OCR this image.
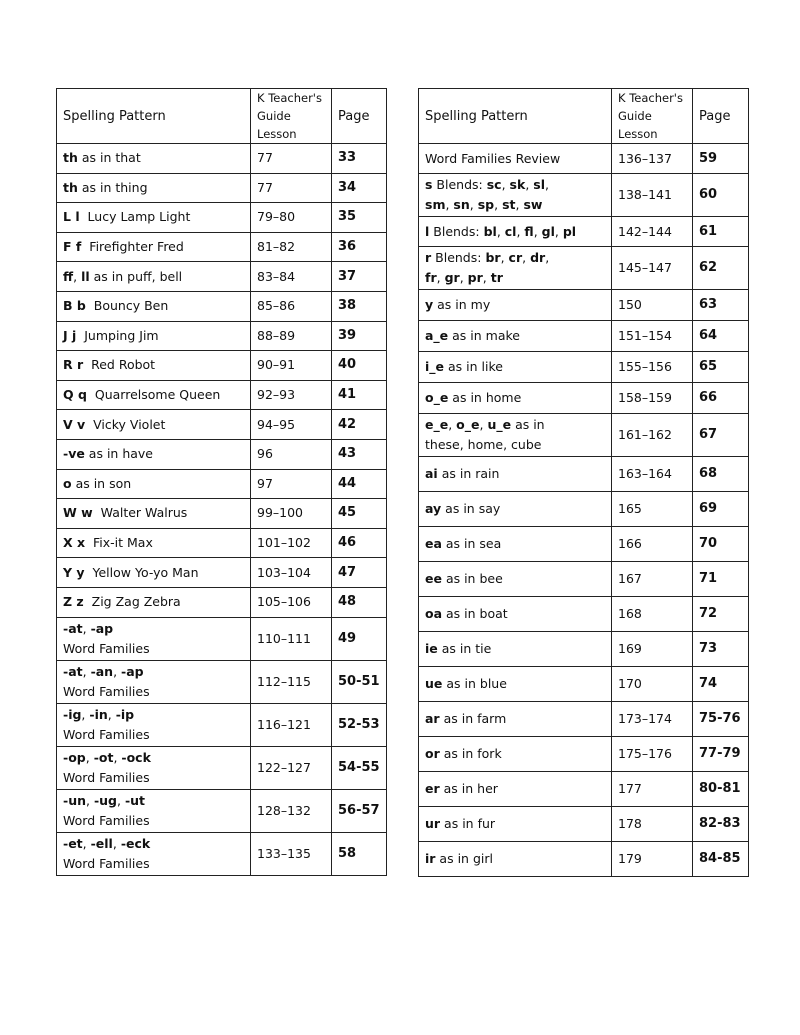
Spelling Pattern	K Teacher's
Guide Lesson	Page
th as in that	77	33
th as in thing	77	34
L l  Lucy Lamp Light	79–80	35
F f  Firefighter Fred	81–82	36
ff, ll as in puff, bell	83–84	37
B b  Bouncy Ben	85–86	38
J j  Jumping Jim	88–89	39
R r  Red Robot	90–91	40
Q q  Quarrelsome Queen	92–93	41
V v  Vicky Violet	94–95	42
-ve as in have	96	43
o as in son	97	44
W w  Walter Walrus	99–100	45
X x  Fix-it Max	101–102	46
Y y  Yellow Yo-yo Man	103–104	47
Z z  Zig Zag Zebra	105–106	48
-at, -ap
Word Families	110–111	49
-at, -an, -ap
Word Families	112–115	50-51
-ig, -in, -ip
Word Families	116–121	52-53
-op, -ot, -ock
Word Families	122–127	54-55
-un, -ug, -ut
Word Families	128–132	56-57
-et, -ell, -eck
Word Families	133–135	58
Spelling Pattern	K Teacher's
Guide Lesson	Page
Word Families Review	136–137	59
s Blends: sc, sk, sl,
sm, sn, sp, st, sw	138–141	60
l Blends: bl, cl, fl, gl, pl	142–144	61
r Blends: br, cr, dr,
fr, gr, pr, tr	145–147	62
y as in my	150	63
a_e as in make	151–154	64
i_e as in like	155–156	65
o_e as in home	158–159	66
e_e, o_e, u_e as in
these, home, cube	161–162	67
ai as in rain	163–164	68
ay as in say	165	69
ea as in sea	166	70
ee as in bee	167	71
oa as in boat	168	72
ie as in tie	169	73
ue as in blue	170	74
ar as in farm	173–174	75-76
or as in fork	175–176	77-79
er as in her	177	80-81
ur as in fur	178	82-83
ir as in girl	179	84-85
